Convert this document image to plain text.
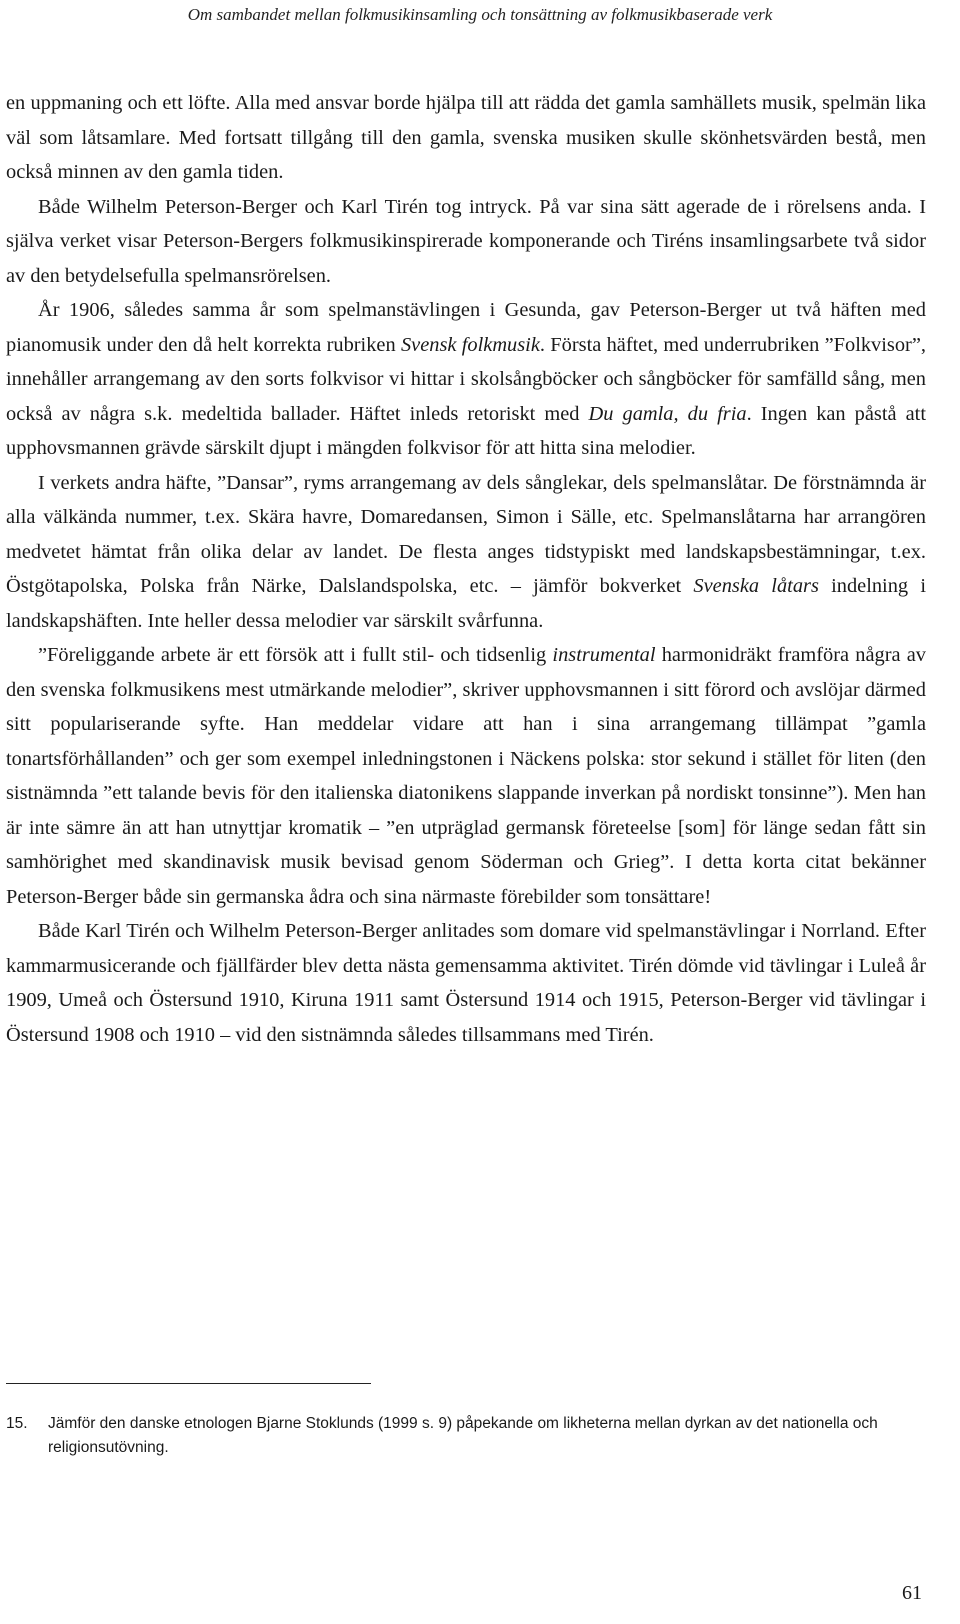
Om sambandet mellan folkmusikinsamling och tonsättning av folkmusikbaserade verk

en uppmaning och ett löfte. Alla med ansvar borde hjälpa till att rädda det gamla samhällets musik, spelmän lika väl som låtsamlare. Med fortsatt tillgång till den gamla, svenska musiken skulle skönhetsvärden bestå, men också minnen av den gamla tiden.

Både Wilhelm Peterson-Berger och Karl Tirén tog intryck. På var sina sätt agerade de i rörelsens anda. I själva verket visar Peterson-Bergers folkmusikinspirerade komponerande och Tiréns insamlingsarbete två sidor av den betydelsefulla spelmansrörelsen.

År 1906, således samma år som spelmanstävlingen i Gesunda, gav Peterson-Berger ut två häften med pianomusik under den då helt korrekta rubriken Svensk folkmusik. Första häftet, med underrubriken ”Folkvisor”, innehåller arrangemang av den sorts folkvisor vi hittar i skolsångböcker och sångböcker för samfälld sång, men också av några s.k. medeltida ballader. Häftet inleds retoriskt med Du gamla, du fria. Ingen kan påstå att upphovsmannen grävde särskilt djupt i mängden folkvisor för att hitta sina melodier.

I verkets andra häfte, ”Dansar”, ryms arrangemang av dels sånglekar, dels spelmanslåtar. De förstnämnda är alla välkända nummer, t.ex. Skära havre, Domaredansen, Simon i Sälle, etc. Spelmanslåtarna har arrangören medvetet hämtat från olika delar av landet. De flesta anges tidstypiskt med landskapsbestämningar, t.ex. Östgötapolska, Polska från Närke, Dalslandspolska, etc. – jämför bokverket Svenska låtars indelning i landskapshäften. Inte heller dessa melodier var särskilt svårfunna.

”Föreliggande arbete är ett försök att i fullt stil- och tidsenlig instrumental harmonidräkt framföra några av den svenska folkmusikens mest utmärkande melodier”, skriver upphovsmannen i sitt förord och avslöjar därmed sitt populariserande syfte. Han meddelar vidare att han i sina arrangemang tillämpat ”gamla tonartsförhållanden” och ger som exempel inledningstonen i Näckens polska: stor sekund i stället för liten (den sistnämnda ”ett talande bevis för den italienska diatonikens slappande inverkan på nordiskt tonsinne”). Men han är inte sämre än att han utnyttjar kromatik – ”en utpräglad germansk företeelse [som] för länge sedan fått sin samhörighet med skandinavisk musik bevisad genom Söderman och Grieg”. I detta korta citat bekänner Peterson-Berger både sin germanska ådra och sina närmaste förebilder som tonsättare!

Både Karl Tirén och Wilhelm Peterson-Berger anlitades som domare vid spelmanstävlingar i Norrland. Efter kammarmusicerande och fjällfärder blev detta nästa gemensamma aktivitet. Tirén dömde vid tävlingar i Luleå år 1909, Umeå och Östersund 1910, Kiruna 1911 samt Östersund 1914 och 1915, Peterson-Berger vid tävlingar i Östersund 1908 och 1910 – vid den sistnämnda således tillsammans med Tirén.

15. Jämför den danske etnologen Bjarne Stoklunds (1999 s. 9) påpekande om likheterna mellan dyrkan av det nationella och religionsutövning.
61
